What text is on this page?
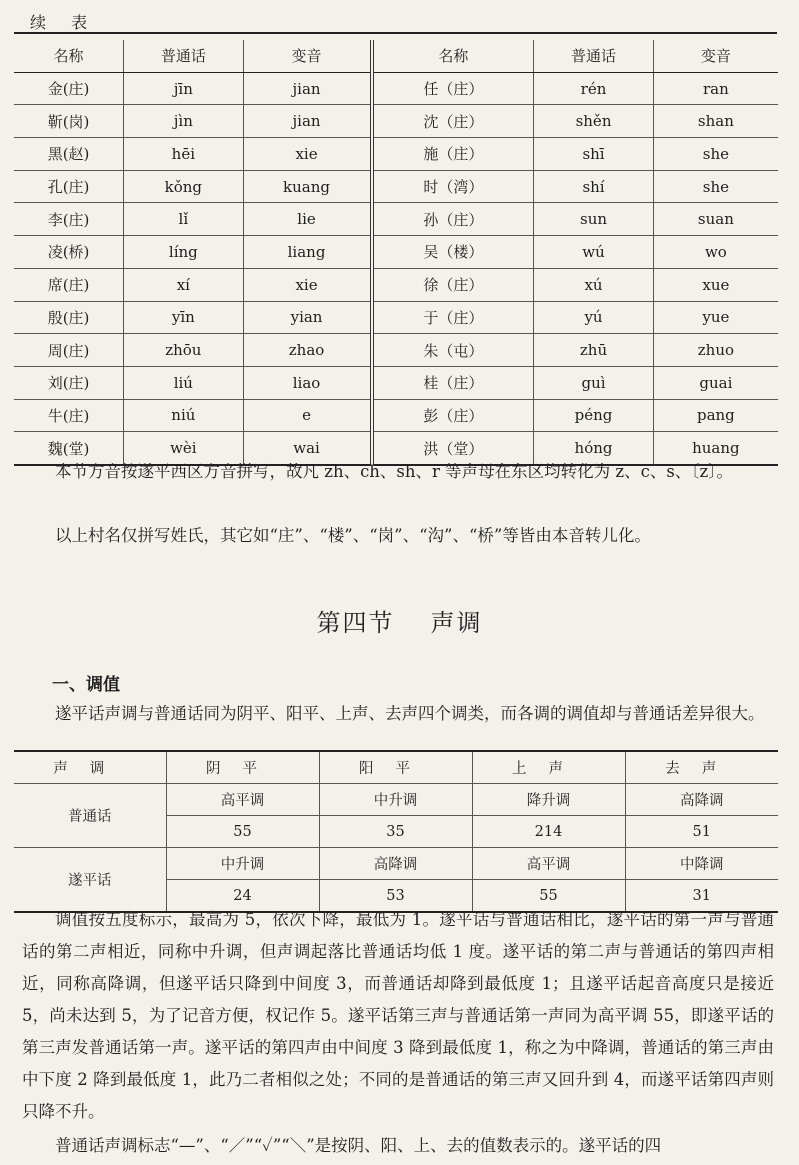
续 表
名称	普通话	变音	名称	普通话	变音
金(庄)	jīn	jian	任（庄）	rén	ran
靳(岗)	jìn	jian	沈（庄）	shěn	shan
黑(赵)	hēi	xie	施（庄）	shī	she
孔(庄)	kǒng	kuang	时（湾）	shí	she
李(庄)	lǐ	lie	孙（庄）	sun	suan
凌(桥)	líng	liang	吴（楼）	wú	wo
席(庄)	xí	xie	徐（庄）	xú	xue
殷(庄)	yīn	yian	于（庄）	yú	yue
周(庄)	zhōu	zhao	朱（屯）	zhū	zhuo
刘(庄)	liú	liao	桂（庄）	guì	guai
牛(庄)	niú	e	彭（庄）	péng	pang
魏(堂)	wèi	wai	洪（堂）	hóng	huang

本节方音按遂平西区方音拼写，故凡 zh、ch、sh、r 等声母在东区均转化为 z、c、s、〔z〕。

以上村名仅拼写姓氏，其它如“庄”、“楼”、“岗”、“沟”、“桥”等皆由本音转儿化。

第四节 声调
一、调值

遂平话声调与普通话同为阴平、阳平、上声、去声四个调类，而各调的调值却与普通话差异很大。

声调	阴平	阳平	上声	去声
普通话	高平调	中升调	降升调	高降调
	55	35	214	51
遂平话	中升调	高降调	高平调	中降调
	24	53	55	31

调值按五度标示，最高为 5，依次下降，最低为 1。遂平话与普通话相比，遂平话的第一声与普通话的第二声相近，同称中升调，但声调起落比普通话均低 1 度。遂平话的第二声与普通话的第四声相近，同称高降调，但遂平话只降到中间度 3，而普通话却降到最低度 1；且遂平话起音高度只是接近 5，尚未达到 5，为了记音方便，权记作 5。遂平话第三声与普通话第一声同为高平调 55，即遂平话的第三声发普通话第一声。遂平话的第四声由中间度 3 降到最低度 1，称之为中降调，普通话的第三声由中下度 2 降到最低度 1，此乃二者相似之处；不同的是普通话的第三声又回升到 4，而遂平话第四声则只降不升。

普通话声调标志“—”、“／”“✓”“＼”是按阴、阳、上、去的值数表示的。遂平话的四
